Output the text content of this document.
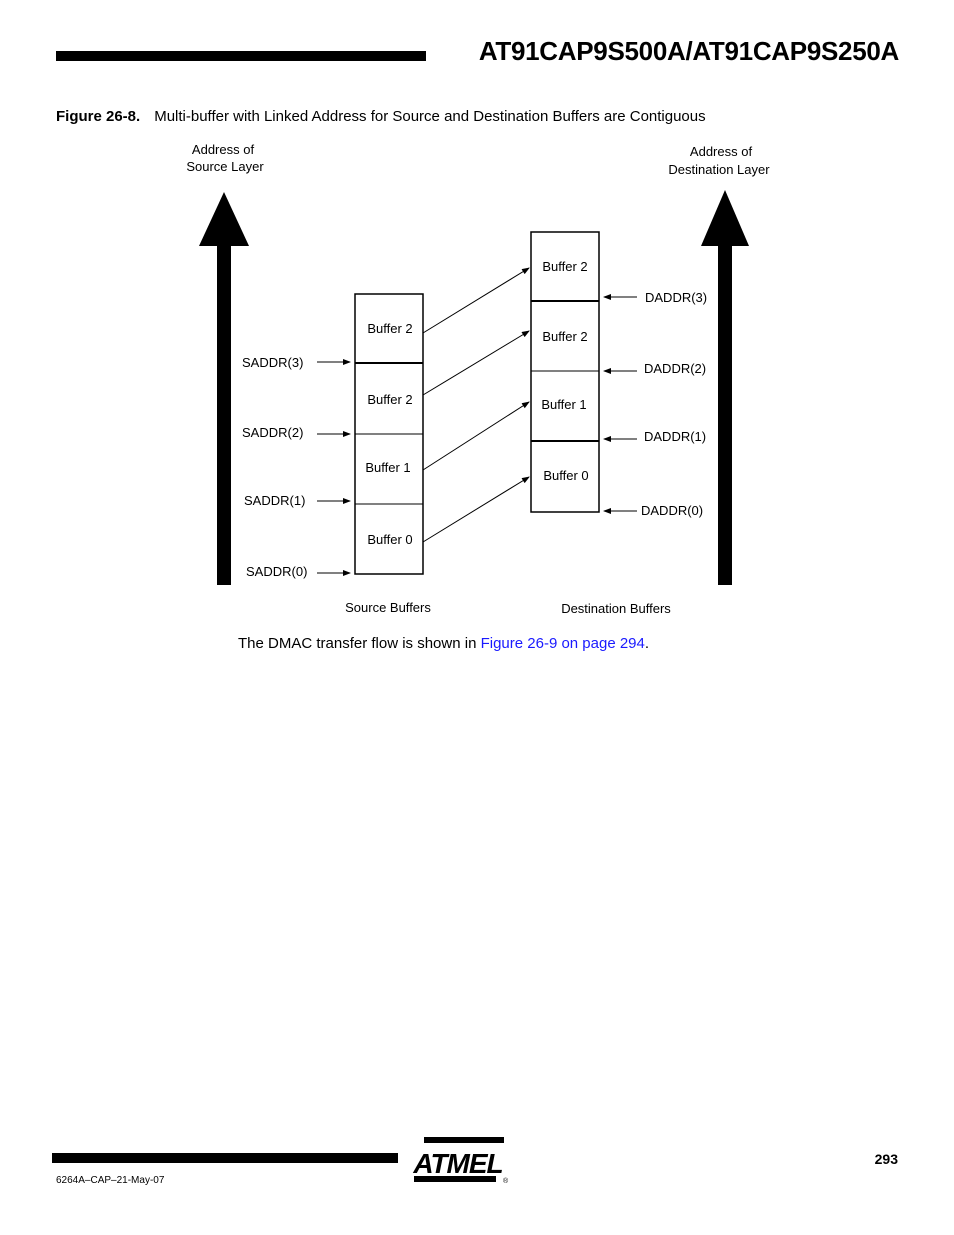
AT91CAP9S500A/AT91CAP9S250A
Figure 26-8. Multi-buffer with Linked Address for Source and Destination Buffers are Contiguous
Address of
Source Layer
Address of
Destination Layer
Buffer 2
Buffer 2
Buffer 1
Buffer 0
Buffer 2
Buffer 2
Buffer 1
Buffer 0
SADDR(3)
SADDR(2)
SADDR(1)
SADDR(0)
DADDR(3)
DADDR(2)
DADDR(1)
DADDR(0)
Source Buffers	Destination Buffers
The DMAC transfer flow is shown in Figure 26-9 on page 294.
6264A–CAP–21-May-07
293
ATMEL
®
